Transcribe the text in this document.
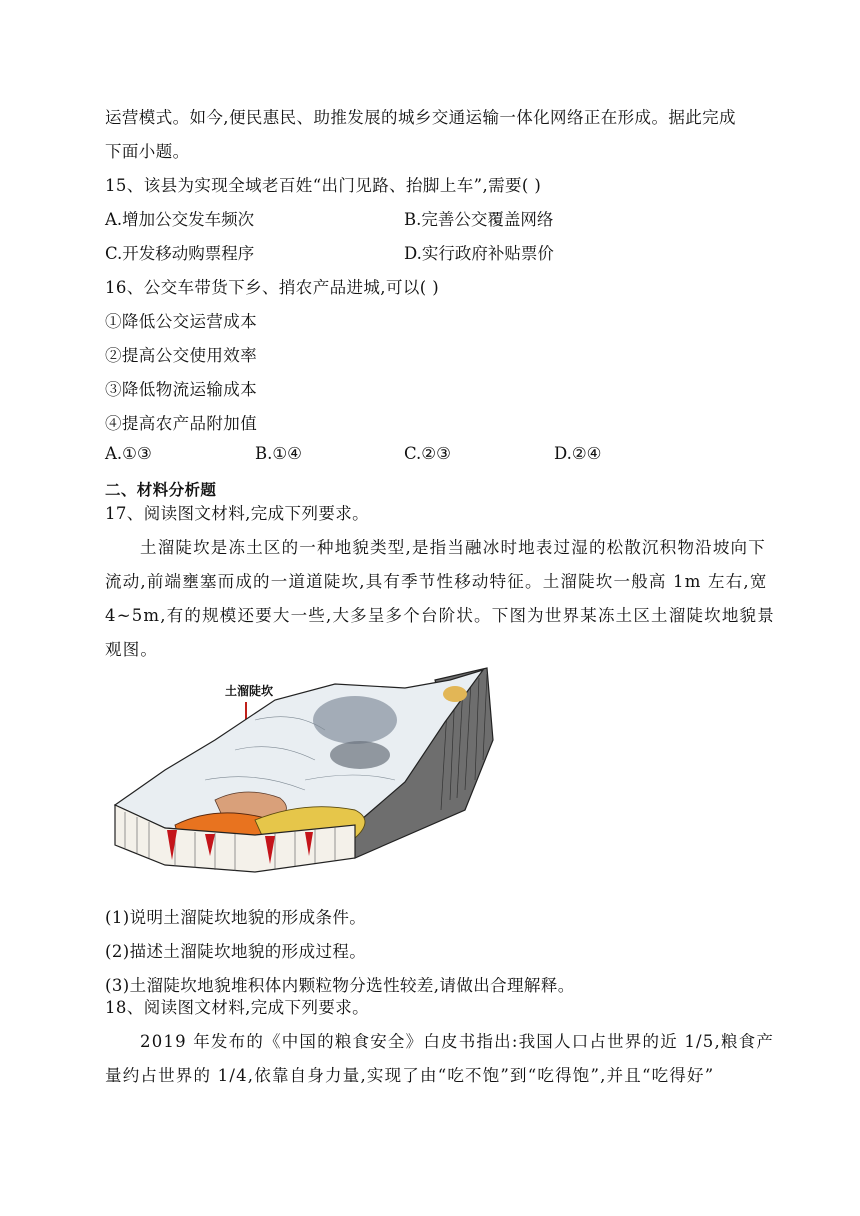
运营模式。如今,便民惠民、助推发展的城乡交通运输一体化网络正在形成。据此完成
下面小题。
15、该县为实现全域老百姓“出门见路、抬脚上车”,需要( )
A.增加公交发车频次	B.完善公交覆盖网络
C.开发移动购票程序	D.实行政府补贴票价
16、公交车带货下乡、捎农产品进城,可以( )
①降低公交运营成本
②提高公交使用效率
③降低物流运输成本
④提高农产品附加值
A.①③	B.①④	C.②③	D.②④
二、材料分析题
17、阅读图文材料,完成下列要求。
土溜陡坎是冻土区的一种地貌类型,是指当融冰时地表过湿的松散沉积物沿坡向下
流动,前端壅塞而成的一道道陡坎,具有季节性移动特征。土溜陡坎一般高 1m 左右,宽
4~5m,有的规模还要大一些,大多呈多个台阶状。下图为世界某冻土区土溜陡坎地貌景
观图。
土溜陡坎
(1)说明土溜陡坎地貌的形成条件。
(2)描述土溜陡坎地貌的形成过程。
(3)土溜陡坎地貌堆积体内颗粒物分选性较差,请做出合理解释。
18、阅读图文材料,完成下列要求。
2019 年发布的《中国的粮食安全》白皮书指出:我国人口占世界的近 1/5,粮食产
量约占世界的 1/4,依靠自身力量,实现了由“吃不饱”到“吃得饱”,并且“吃得好”
